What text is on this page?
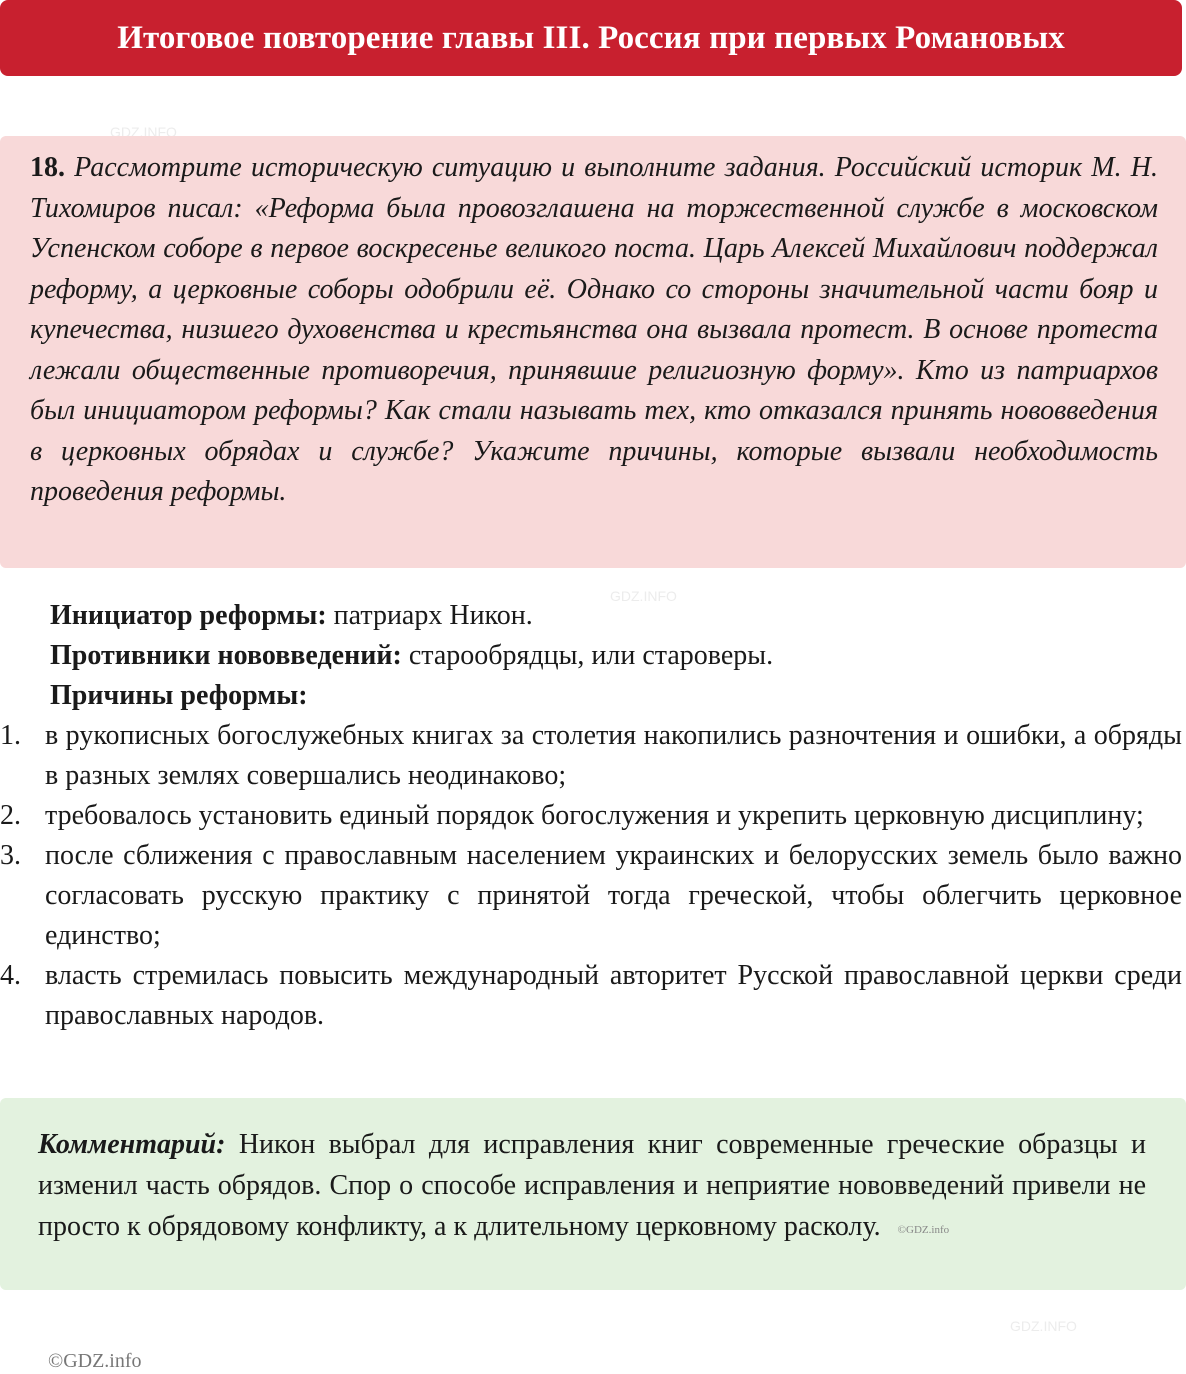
GDZ.INFO
GDZ.INFO
GDZ.INFO
Итоговое повторение главы III. Россия при первых Романовых

18. Рассмотрите историческую ситуацию и выполните задания. Российский историк М. Н. Тихомиров писал: «Реформа была провозглашена на торжественной службе в московском Успенском соборе в первое воскресенье великого поста. Царь Алексей Михайлович поддержал реформу, а церковные соборы одобрили её. Однако со стороны значительной части бояр и купечества, низшего духовенства и крестьянства она вызвала протест. В основе протеста лежали общественные противоречия, принявшие религиозную форму». Кто из патриархов был инициатором реформы? Как стали называть тех, кто отказался принять нововведения в церковных обрядах и службе? Укажите причины, которые вызвали необходимость проведения реформы.

Инициатор реформы: патриарх Никон.
Противники нововведений: старообрядцы, или староверы.
Причины реформы:
1. в рукописных богослужебных книгах за столетия накопились разночтения и ошибки, а обряды в разных землях совершались неодинаково;
2. требовалось установить единый порядок богослужения и укрепить церковную дисциплину;
3. после сближения с православным населением украинских и белорусских земель было важно согласовать русскую практику с принятой тогда греческой, чтобы облегчить церковное единство;
4. власть стремилась повысить международный авторитет Русской православной церкви среди православных народов.

Комментарий: Никон выбрал для исправления книг современные греческие образцы и изменил часть обрядов. Спор о способе исправления и неприятие нововведений привели не просто к обрядовому конфликту, а к длительному церковному расколу. ©GDZ.info

©GDZ.info
